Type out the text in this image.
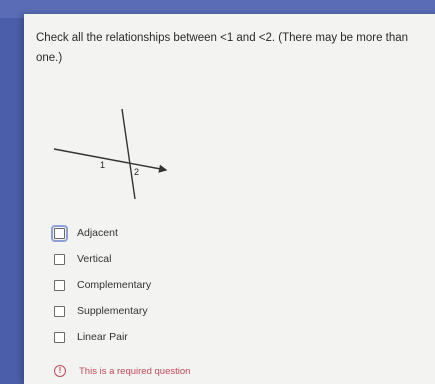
Check all the relationships between <1 and <2. (There may be more than one.)
1
2
Adjacent
Vertical
Complementary
Supplementary
Linear Pair
!	This is a required question
